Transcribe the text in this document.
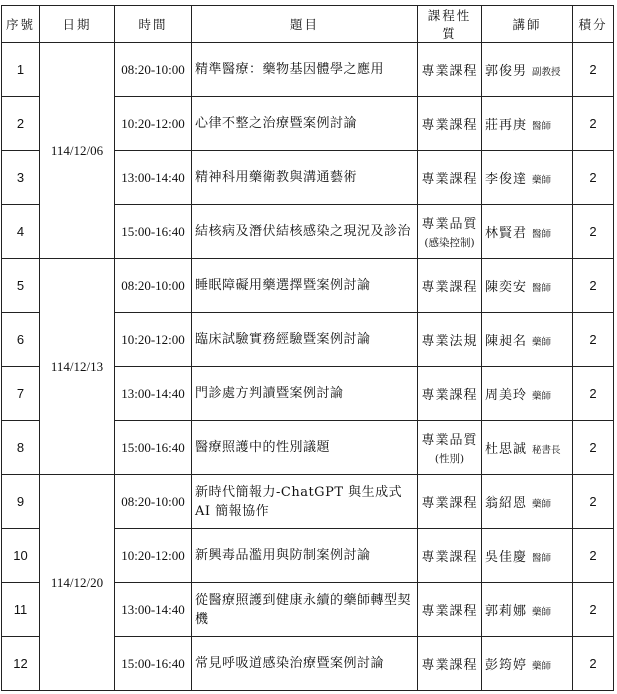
序號	日期	時間	題目	課程性質	講師	積分
1	114/12/06	08:20-10:00	精準醫療：藥物基因體學之應用	專業課程	郭俊男 副教授	2
2		10:20-12:00	心律不整之治療暨案例討論	專業課程	莊再庚 醫師	2
3		13:00-14:40	精神科用藥衛教與溝通藝術	專業課程	李俊達 藥師	2
4		15:00-16:40	結核病及潛伏結核感染之現況及診治	專業品質
(感染控制)	林賢君 醫師	2
5	114/12/13	08:20-10:00	睡眠障礙用藥選擇暨案例討論	專業課程	陳奕安 醫師	2
6		10:20-12:00	臨床試驗實務經驗暨案例討論	專業法規	陳昶名 藥師	2
7		13:00-14:40	門診處方判讀暨案例討論	專業課程	周美玲 藥師	2
8		15:00-16:40	醫療照護中的性別議題	專業品質
(性別)	杜思誠 秘書長	2
9	114/12/20	08:20-10:00	新時代簡報力-ChatGPT 與生成式 AI 簡報協作	專業課程	翁紹恩 藥師	2
10		10:20-12:00	新興毒品濫用與防制案例討論	專業課程	吳佳慶 醫師	2
11		13:00-14:40	從醫療照護到健康永續的藥師轉型契機	專業課程	郭莉娜 藥師	2
12		15:00-16:40	常見呼吸道感染治療暨案例討論	專業課程	彭筠婷 藥師	2
